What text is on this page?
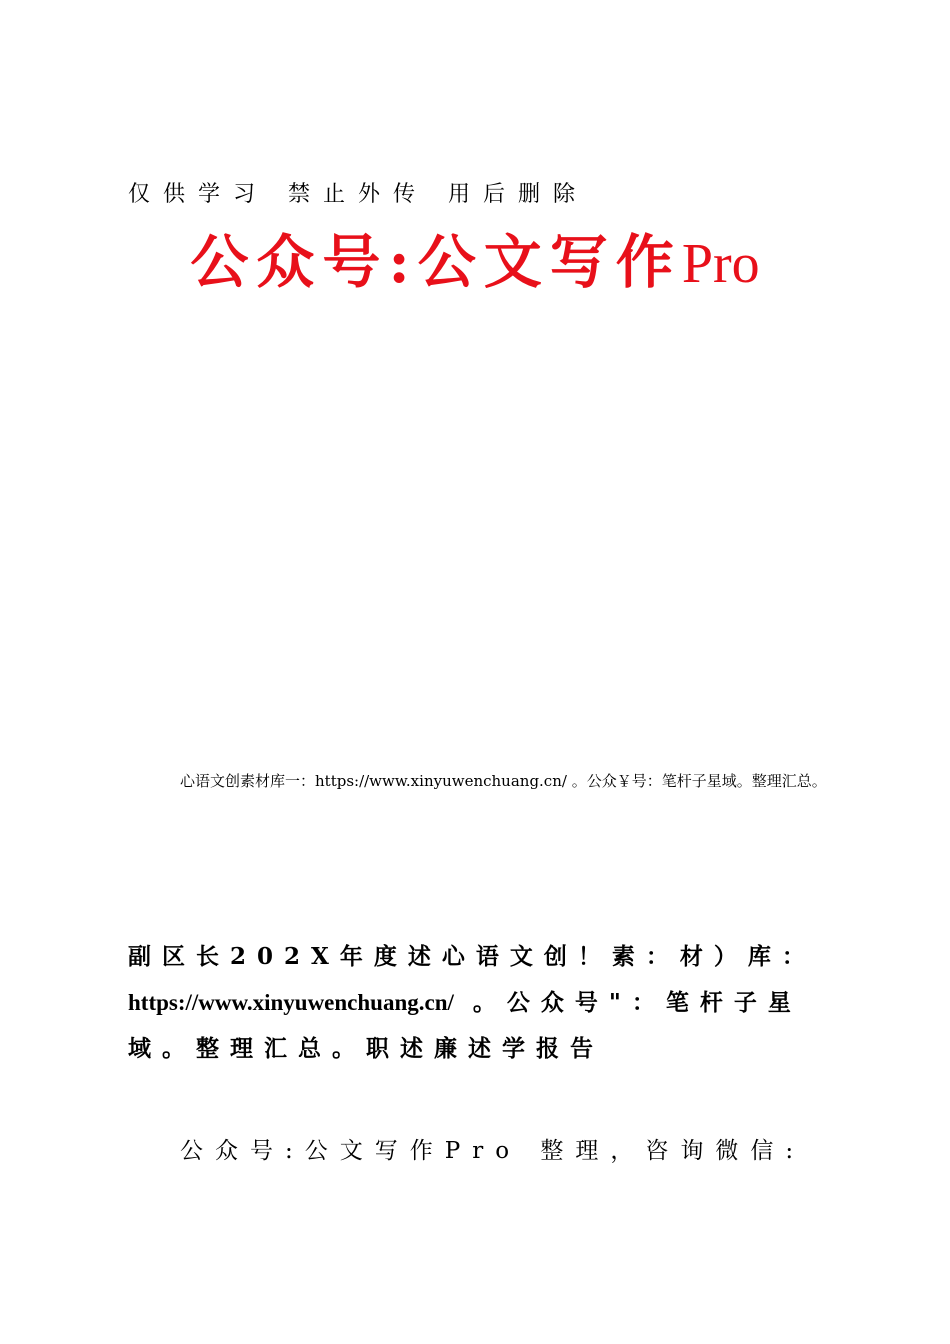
仅供学习 禁止外传 用后删除
公众号:公文写作Pro
心语文创素材库一：https://www.xinyuwenchuang.cn/ 。公众￥号：笔杆子星域。整理汇总。
副区长202X年度述心语文创！素：材）库：https://www.xinyuwenchuang.cn/ 。公众号"：笔杆子星域。整理汇总。职述廉述学报告
公众号:公文写作Pro 整理，咨询微信:
